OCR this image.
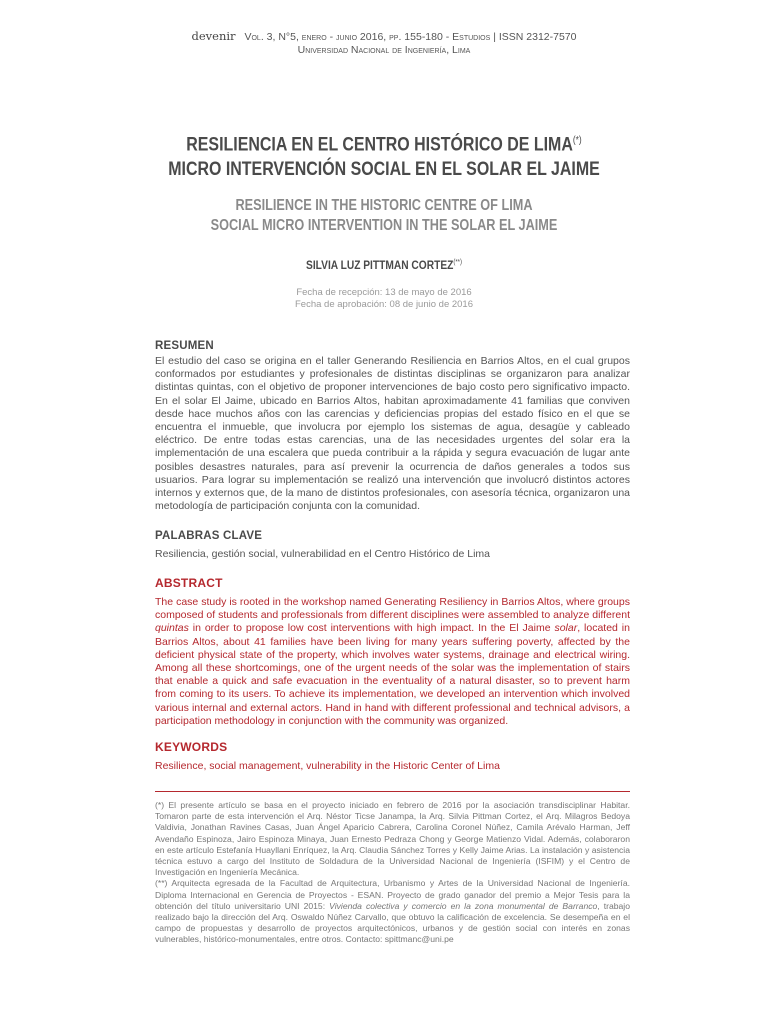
devenir Vol. 3, N°5, enero - junio 2016, pp. 155-180 - Estudios | ISSN 2312-7570
Universidad Nacional de Ingeniería, Lima
RESILIENCIA EN EL CENTRO HISTÓRICO DE LIMA(*)
MICRO INTERVENCIÓN SOCIAL EN EL SOLAR EL JAIME
RESILIENCE IN THE HISTORIC CENTRE OF LIMA
SOCIAL MICRO INTERVENTION IN THE SOLAR EL JAIME
SILVIA LUZ PITTMAN CORTEZ(**)
Fecha de recepción: 13 de mayo de 2016
Fecha de aprobación: 08 de junio de 2016
RESUMEN
El estudio del caso se origina en el taller Generando Resiliencia en Barrios Altos, en el cual grupos conformados por estudiantes y profesionales de distintas disciplinas se organizaron para analizar distintas quintas, con el objetivo de proponer intervenciones de bajo costo pero significativo impacto. En el solar El Jaime, ubicado en Barrios Altos, habitan aproximadamente 41 familias que conviven desde hace muchos años con las carencias y deficiencias propias del estado físico en el que se encuentra el inmueble, que involucra por ejemplo los sistemas de agua, desagüe y cableado eléctrico. De entre todas estas carencias, una de las necesidades urgentes del solar era la implementación de una escalera que pueda contribuir a la rápida y segura evacuación de lugar ante posibles desastres naturales, para así prevenir la ocurrencia de daños generales a todos sus usuarios. Para lograr su implementación se realizó una intervención que involucró distintos actores internos y externos que, de la mano de distintos profesionales, con asesoría técnica, organizaron una metodología de participación conjunta con la comunidad.
PALABRAS CLAVE
Resiliencia, gestión social, vulnerabilidad en el Centro Histórico de Lima
ABSTRACT
The case study is rooted in the workshop named Generating Resiliency in Barrios Altos, where groups composed of students and professionals from different disciplines were assembled to analyze different quintas in order to propose low cost interventions with high impact. In the El Jaime solar, located in Barrios Altos, about 41 families have been living for many years suffering poverty, affected by the deficient physical state of the property, which involves water systems, drainage and electrical wiring. Among all these shortcomings, one of the urgent needs of the solar was the implementation of stairs that enable a quick and safe evacuation in the eventuality of a natural disaster, so to prevent harm from coming to its users. To achieve its implementation, we developed an intervention which involved various internal and external actors. Hand in hand with different professional and technical advisors, a participation methodology in conjunction with the community was organized.
KEYWORDS
Resilience, social management, vulnerability in the Historic Center of Lima

(*) El presente artículo se basa en el proyecto iniciado en febrero de 2016 por la asociación transdisciplinar Habitar. Tomaron parte de esta intervención el Arq. Néstor Ticse Janampa, la Arq. Silvia Pittman Cortez, el Arq. Milagros Bedoya Valdivia, Jonathan Ravines Casas, Juan Ángel Aparicio Cabrera, Carolina Coronel Núñez, Camila Arévalo Harman, Jeff Avendaño Espinoza, Jairo Espinoza Minaya, Juan Ernesto Pedraza Chong y George Matienzo Vidal. Además, colaboraron en este artículo Estefanía Huayllani Enríquez, la Arq. Claudia Sánchez Torres y Kelly Jaime Arias. La instalación y asistencia técnica estuvo a cargo del Instituto de Soldadura de la Universidad Nacional de Ingeniería (ISFIM) y el Centro de Investigación en Ingeniería Mecánica.

(**) Arquitecta egresada de la Facultad de Arquitectura, Urbanismo y Artes de la Universidad Nacional de Ingeniería. Diploma Internacional en Gerencia de Proyectos - ESAN. Proyecto de grado ganador del premio a Mejor Tesis para la obtención del título universitario UNI 2015: Vivienda colectiva y comercio en la zona monumental de Barranco, trabajo realizado bajo la dirección del Arq. Oswaldo Núñez Carvallo, que obtuvo la calificación de excelencia. Se desempeña en el campo de propuestas y desarrollo de proyectos arquitectónicos, urbanos y de gestión social con interés en zonas vulnerables, histórico-monumentales, entre otros. Contacto: spittmanc@uni.pe
